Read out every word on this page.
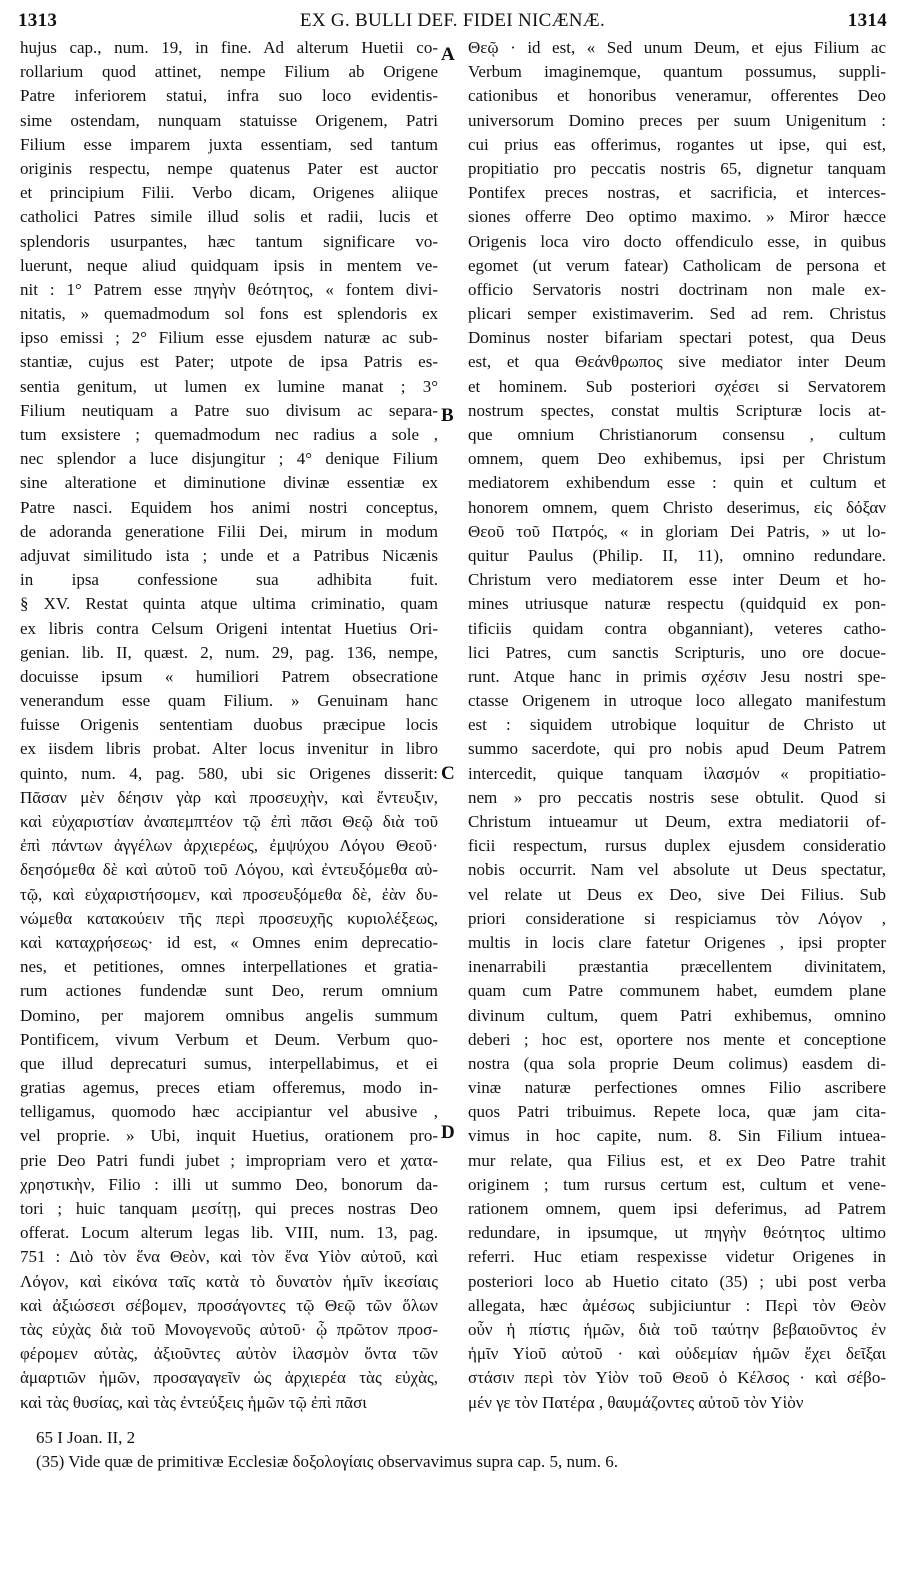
1313	EX G. BULLI DEF. FIDEI NICÆNÆ.	1314
hujus cap., num. 19, in fine. Ad alterum Huetii co-
rollarium quod attinet, nempe Filium ab Origene
Patre inferiorem statui, infra suo loco evidentis-
sime ostendam, nunquam statuisse Origenem, Patri
Filium esse imparem juxta essentiam, sed tantum
originis respectu, nempe quatenus Pater est auctor
et principium Filii. Verbo dicam, Origenes aliique
catholici Patres simile illud solis et radii, lucis et
splendoris usurpantes, hæc tantum significare vo-
luerunt, neque aliud quidquam ipsis in mentem ve-
nit : 1° Patrem esse πηγὴν θεότητος, « fontem divi-
nitatis, » quemadmodum sol fons est splendoris ex
ipso emissi ; 2° Filium esse ejusdem naturæ ac sub-
stantiæ, cujus est Pater; utpote de ipsa Patris es-
sentia genitum, ut lumen ex lumine manat ; 3°
Filium neutiquam a Patre suo divisum ac separa-
tum exsistere ; quemadmodum nec radius a sole ,
nec splendor a luce disjungitur ; 4° denique Filium
sine alteratione et diminutione divinæ essentiæ ex
Patre nasci. Equidem hos animi nostri conceptus,
de adoranda generatione Filii Dei, mirum in modum
adjuvat similitudo ista ; unde et a Patribus Nicænis
in ipsa confessione sua adhibita fuit.
§ XV. Restat quinta atque ultima criminatio, quam
ex libris contra Celsum Origeni intentat Huetius Ori-
genian. lib. II, quæst. 2, num. 29, pag. 136, nempe,
docuisse ipsum « humiliori Patrem obsecratione
venerandum esse quam Filium. » Genuinam hanc
fuisse Origenis sententiam duobus præcipue locis
ex iisdem libris probat. Alter locus invenitur in libro
quinto, num. 4, pag. 580, ubi sic Origenes disserit:
Πᾶσαν μὲν δέησιν γὰρ καὶ προσευχὴν, καὶ ἔντευξιν,
καὶ εὐχαριστίαν ἀναπεμπτέον τῷ ἐπὶ πᾶσι Θεῷ διὰ τοῦ
ἐπὶ πάντων ἀγγέλων ἀρχιερέως, ἐμψύχου Λόγου Θεοῦ·
δεησόμεθα δὲ καὶ αὐτοῦ τοῦ Λόγου, καὶ ἐντευξόμεθα αὐ-
τῷ, καὶ εὐχαριστήσομεν, καὶ προσευξόμεθα δὲ, ἐὰν δυ-
νώμεθα κατακούειν τῆς περὶ προσευχῆς κυριολέξεως,
καὶ καταχρήσεως· id est, « Omnes enim deprecatio-
nes, et petitiones, omnes interpellationes et gratia-
rum actiones fundendæ sunt Deo, rerum omnium
Domino, per majorem omnibus angelis summum
Pontificem, vivum Verbum et Deum. Verbum quo-
que illud deprecaturi sumus, interpellabimus, et ei
gratias agemus, preces etiam offeremus, modo in-
telligamus, quomodo hæc accipiantur vel abusive ,
vel proprie. » Ubi, inquit Huetius, orationem pro-
prie Deo Patri fundi jubet ; impropriam vero et χατα-
χρηστικὴν, Filio : illi ut summo Deo, bonorum da-
tori ; huic tanquam μεσίτῃ, qui preces nostras Deo
offerat. Locum alterum legas lib. VIII, num. 13, pag.
751 : Διὸ τὸν ἕνα Θεὸν, καὶ τὸν ἕνα Υἱὸν αὐτοῦ, καὶ
Λόγον, καὶ εἰκόνα ταῖς κατὰ τὸ δυνατὸν ἡμῖν ἱκεσίαις
καὶ ἀξιώσεσι σέβομεν, προσάγοντες τῷ Θεῷ τῶν ὅλων
τὰς εὐχὰς διὰ τοῦ Μονογενοῦς αὐτοῦ· ᾧ πρῶτον προσ-
φέρομεν αὐτὰς, ἀξιοῦντες αὐτὸν ἱλασμὸν ὄντα τῶν
ἁμαρτιῶν ἡμῶν, προσαγαγεῖν ὡς ἀρχιερέα τὰς εὐχὰς,
καὶ τὰς θυσίας, καὶ τὰς ἐντεύξεις ἡμῶν τῷ ἐπὶ πᾶσι
Θεῷ · id est, « Sed unum Deum, et ejus Filium ac
Verbum imaginemque, quantum possumus, suppli-
cationibus et honoribus veneramur, offerentes Deo
universorum Domino preces per suum Unigenitum :
cui prius eas offerimus, rogantes ut ipse, qui est,
propitiatio pro peccatis nostris 65, dignetur tanquam
Pontifex preces nostras, et sacrificia, et interces-
siones offerre Deo optimo maximo. » Miror hæcce
Origenis loca viro docto offendiculo esse, in quibus
egomet (ut verum fatear) Catholicam de persona et
officio Servatoris nostri doctrinam non male ex-
plicari semper existimaverim. Sed ad rem. Christus
Dominus noster bifariam spectari potest, qua Deus
est, et qua Θεάνθρωπος sive mediator inter Deum
et hominem. Sub posteriori σχέσει si Servatorem
nostrum spectes, constat multis Scripturæ locis at-
que omnium Christianorum consensu , cultum
omnem, quem Deo exhibemus, ipsi per Christum
mediatorem exhibendum esse : quin et cultum et
honorem omnem, quem Christo deserimus, εἰς δόξαν
Θεοῦ τοῦ Πατρός, « in gloriam Dei Patris, » ut lo-
quitur Paulus (Philip. II, 11), omnino redundare.
Christum vero mediatorem esse inter Deum et ho-
mines utriusque naturæ respectu (quidquid ex pon-
tificiis quidam contra obganniant), veteres catho-
lici Patres, cum sanctis Scripturis, uno ore docue-
runt. Atque hanc in primis σχέσιν Jesu nostri spe-
ctasse Origenem in utroque loco allegato manifestum
est : siquidem utrobique loquitur de Christo ut
summo sacerdote, qui pro nobis apud Deum Patrem
intercedit, quique tanquam ἱλασμόν « propitiatio-
nem » pro peccatis nostris sese obtulit. Quod si
Christum intueamur ut Deum, extra mediatorii of-
ficii respectum, rursus duplex ejusdem consideratio
nobis occurrit. Nam vel absolute ut Deus spectatur,
vel relate ut Deus ex Deo, sive Dei Filius. Sub
priori consideratione si respiciamus τὸν Λόγον ,
multis in locis clare fatetur Origenes , ipsi propter
inenarrabili præstantia præcellentem divinitatem,
quam cum Patre communem habet, eumdem plane
divinum cultum, quem Patri exhibemus, omnino
deberi ; hoc est, oportere nos mente et conceptione
nostra (qua sola proprie Deum colimus) easdem di-
vinæ naturæ perfectiones omnes Filio ascribere
quos Patri tribuimus. Repete loca, quæ jam cita-
vimus in hoc capite, num. 8. Sin Filium intuea-
mur relate, qua Filius est, et ex Deo Patre trahit
originem ; tum rursus certum est, cultum et vene-
rationem omnem, quem ipsi deferimus, ad Patrem
redundare, in ipsumque, ut πηγὴν θεότητος ultimo
referri. Huc etiam respexisse videtur Origenes in
posteriori loco ab Huetio citato (35) ; ubi post verba
allegata, hæc ἀμέσως subjiciuntur : Περὶ τὸν Θεὸν
οὖν ἡ πίστις ἡμῶν, διὰ τοῦ ταύτην βεβαιοῦντος ἐν
ἡμῖν Υἱοῦ αὐτοῦ · καὶ οὐδεμίαν ἡμῶν ἔχει δεῖξαι
στάσιν περὶ τὸν Υἱὸν τοῦ Θεοῦ ὁ Κέλσος · καὶ σέβο-
μέν γε τὸν Πατέρα , θαυμάζοντες αὐτοῦ τὸν Υἱὸν
A
B
C
D
65 I Joan. II, 2
(35) Vide quæ de primitivæ Ecclesiæ δοξολογίαις observavimus supra cap. 5, num. 6.
